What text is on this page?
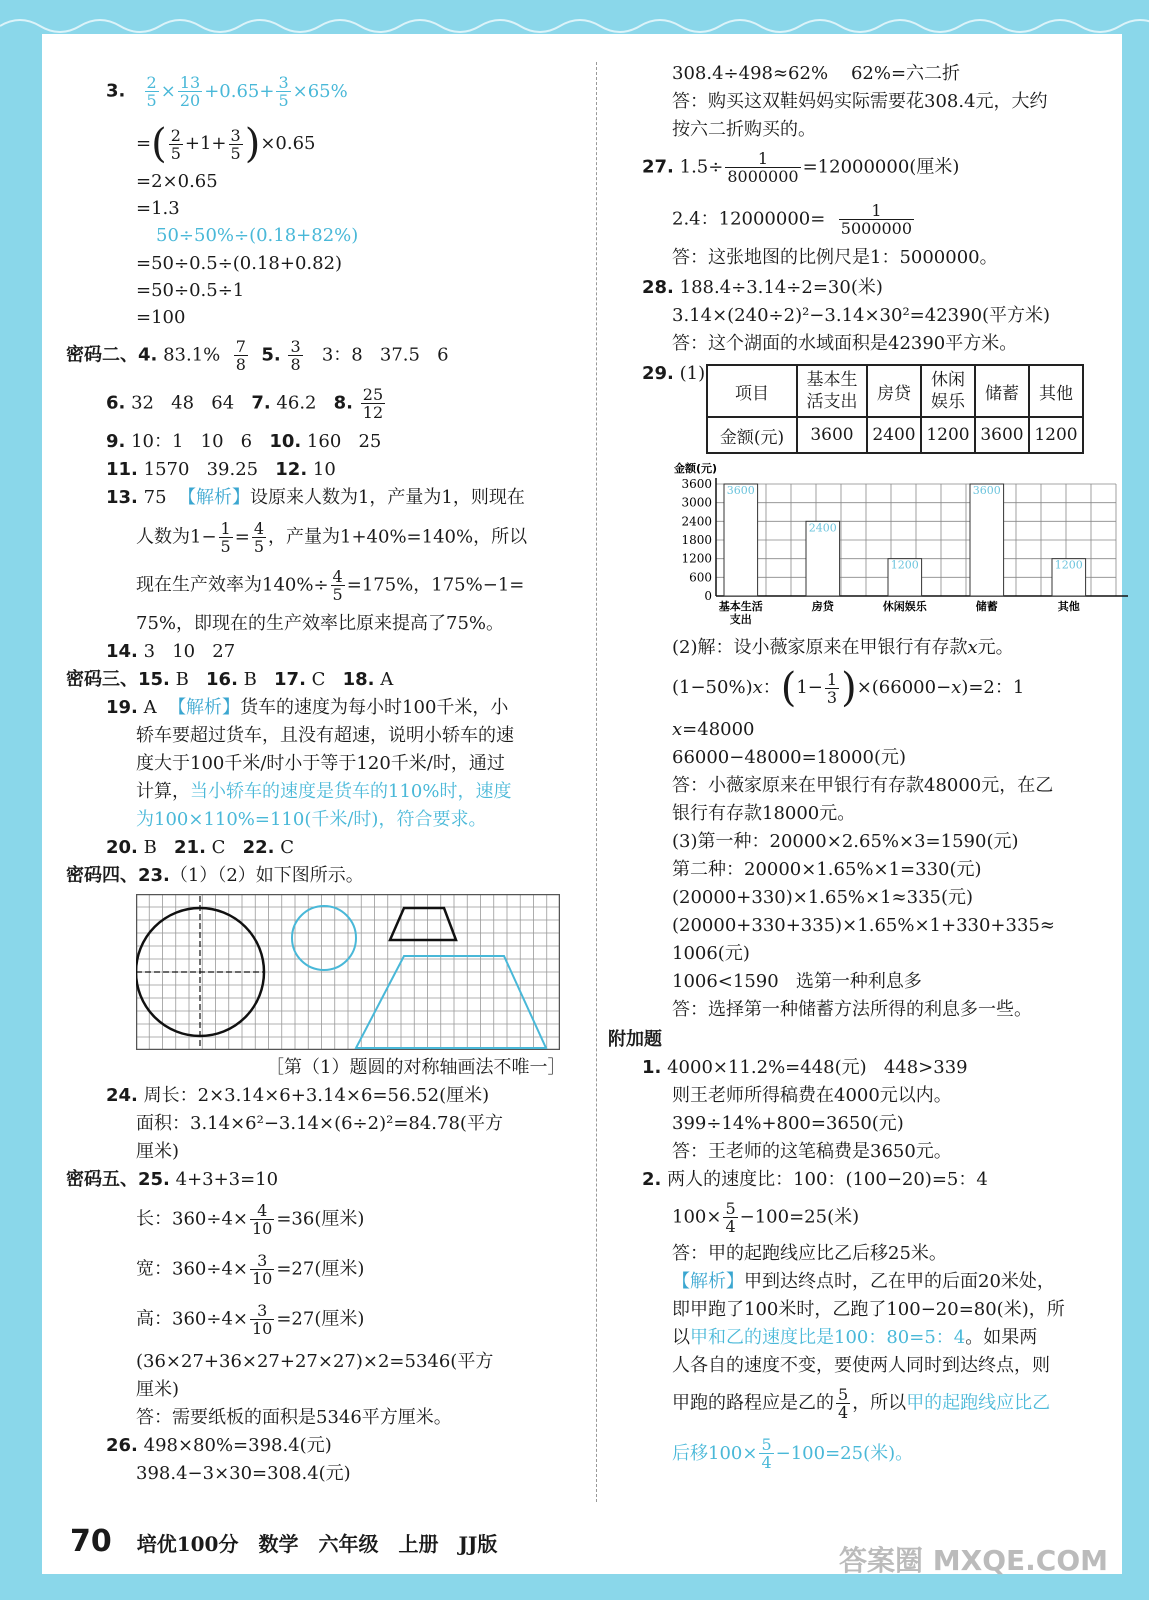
3. $\frac{2}{5} \times \frac{13}{20} +0.65+ \frac{3}{5} \times 65\%$
=( $\frac{2}{5} +1+ \frac{3}{5} )\times 0.65$
=2×0.65
=1.3
50÷50%÷(0.18+82%)
=50÷0.5÷(0.18+0.82)
=50÷0.5÷1
=100
密码二、4. $83.1\% \frac{7}{8} 5$. $\frac{3}{8} 3$：8   37.5   6
6. 32   48   64   7. 46.2   8. $\frac{25}{12}$
9. 10：1   10   6   10. 160   25
11. 1570   39.25   12. 10
13. 75  【解析】设原来人数为1，产量为1，则现在
人数为$1- \frac{1}{5} = \frac{4}{5}$ ，产量为1+40%=140%，所以
现在生产效率为$140\%\div \frac{4}{5} =175\%$，175%−1=
75%，即现在的生产效率比原来提高了75%。
14. 3   10   27
密码三、15. B   16. B   17. C   18. A
19. A  【解析】货车的速度为每小时100千米，小
轿车要超过货车，且没有超速，说明小轿车的速
度大于100千米/时小于等于120千米/时，通过
计算，当小轿车的速度是货车的110%时，速度
为100×110%=110(千米/时)，符合要求。
20. B   21. C   22. C
密码四、23.（1）（2）如下图所示。
［第（1）题圆的对称轴画法不唯一］
24. 周长：2×3.14×6+3.14×6=56.52(厘米)
面积：3.14×6²−3.14×(6÷2)²=84.78(平方
厘米)
密码五、25. 4+3+3=10
长：$360\div 4\times \frac{4}{10} =36$(厘米)
宽：$360\div 4\times \frac{3}{10} =27$(厘米)
高：$360\div 4\times \frac{3}{10} =27$(厘米)
(36×27+36×27+27×27)×2=5346(平方
厘米)
答：需要纸板的面积是5346平方厘米。
26. 498×80%=398.4(元)
398.4−3×30=308.4(元)
308.4÷498≈62%    62%=六二折
答：购买这双鞋妈妈实际需要花308.4元，大约
按六二折购买的。
27. $1.5\div \frac{1}{8000000} =12000000$(厘米)
2.4：$12000000= \frac{1}{5000000}$
答：这张地图的比例尺是1：5000000。
28. 188.4÷3.14÷2=30(米)
3.14×(240÷2)²−3.14×30²=42390(平方米)
答：这个湖面的水域面积是42390平方米。
29. (1)
项目	基本生活支出	房贷	休闲娱乐	储蓄	其他
金额(元)	3600	2400	1200	3600	1200
0
600
1200
1800
2400
3000
3600
金额(元)
3600
基本生活
支出
2400
房贷
1200
休闲娱乐
3600
储蓄
1200
其他
(2)解：设小薇家原来在甲银行有存款x元。
(1−50%)x：$(1- \frac{1}{3} )\times(66000-x)=2$：1
x=48000
66000−48000=18000(元)
答：小薇家原来在甲银行有存款48000元，在乙
银行有存款18000元。
(3)第一种：20000×2.65%×3=1590(元)
第二种：20000×1.65%×1=330(元)
(20000+330)×1.65%×1≈335(元)
(20000+330+335)×1.65%×1+330+335≈
1006(元)
1006<1590   选第一种利息多
答：选择第一种储蓄方法所得的利息多一些。
附加题
1. 4000×11.2%=448(元)   448>339
则王老师所得稿费在4000元以内。
399÷14%+800=3650(元)
答：王老师的这笔稿费是3650元。
2. 两人的速度比：100：(100−20)=5：4
$100\times \frac{5}{4} -100=25$(米)
答：甲的起跑线应比乙后移25米。
【解析】甲到达终点时，乙在甲的后面20米处，
即甲跑了100米时，乙跑了100−20=80(米)，所
以甲和乙的速度比是100：80=5：4。如果两
人各自的速度不变，要使两人同时到达终点，则
甲跑的路程应是乙的 $\frac{5}{4}$ ，所以甲的起跑线应比乙
后移$100\times \frac{5}{4} -100=25$(米)。
70 培优100分　数学　六年级　上册　JJ版	答案圈 MXQE.COM
